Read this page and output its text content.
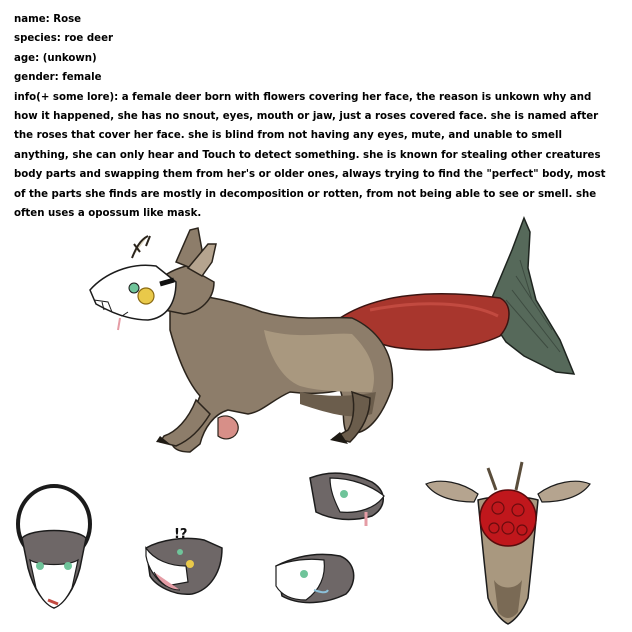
name: Rose
species: roe deer
age: (unkown)
gender: female
info(+ some lore): a female deer born with flowers covering her face, the reason is unkown why and how it happened, she has no snout, eyes, mouth or jaw, just a roses covered face. she is named after the roses that cover her face. she is blind from not having any eyes, mute, and unable to smell anything, she can only hear and Touch to detect something. she is known for stealing other creatures body parts and swapping them from her's or older ones, always trying to find the "perfect" body, most of the parts she finds are mostly in decomposition or rotten, from not being able to see or smell. she often uses a opossum like mask.
!?
